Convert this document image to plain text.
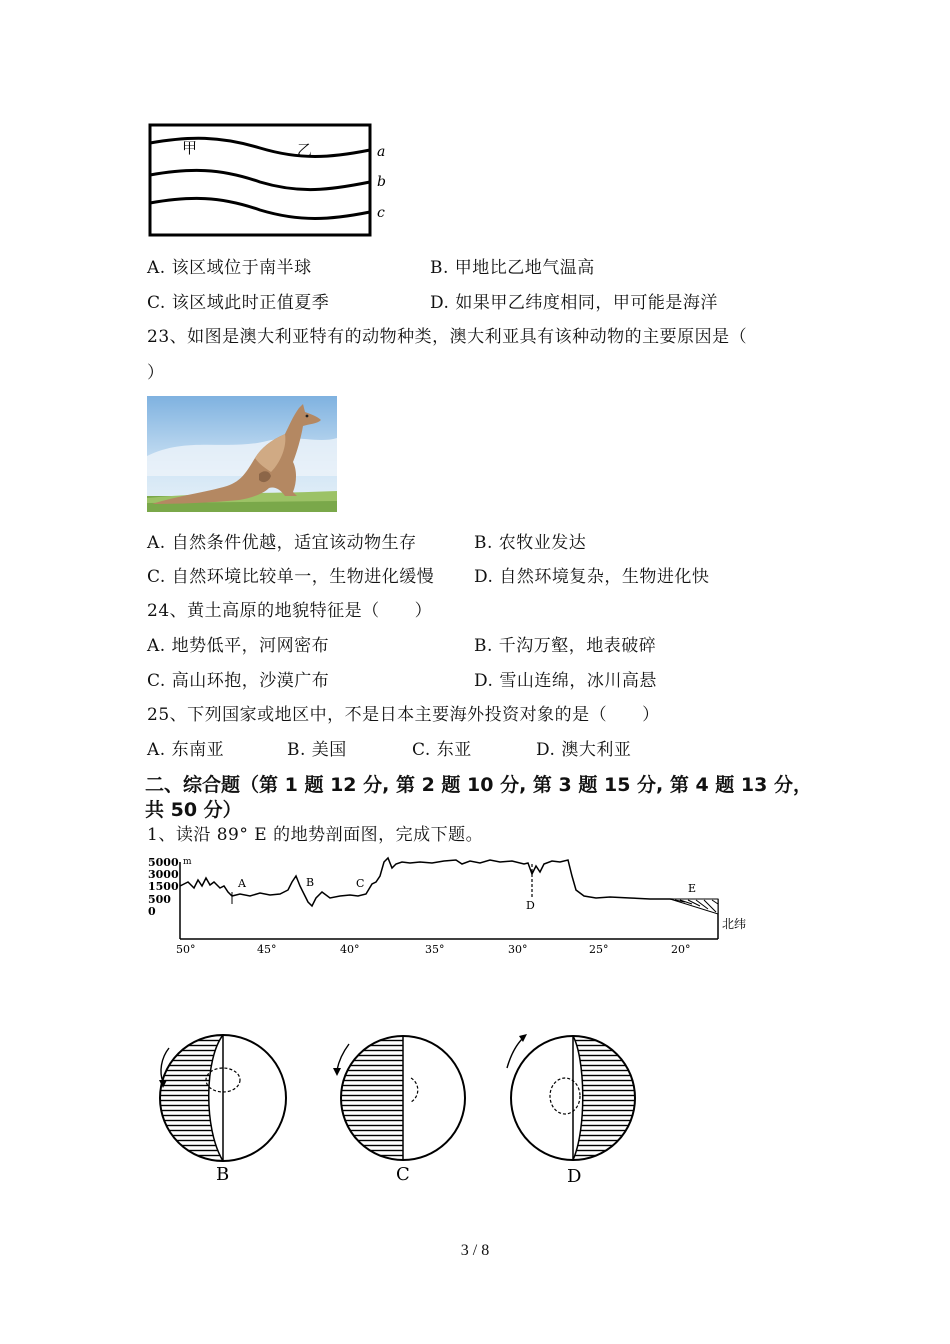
甲	乙	a
b
c
A. 该区域位于南半球	B. 甲地比乙地气温高
C. 该区域此时正值夏季	D. 如果甲乙纬度相同，甲可能是海洋
23、如图是澳大利亚特有的动物种类，澳大利亚具有该种动物的主要原因是（
）
A. 自然条件优越，适宜该动物生存	B. 农牧业发达
C. 自然环境比较单一，生物进化缓慢 D. 自然环境复杂，生物进化快
24、黄土高原的地貌特征是（　　）
A. 地势低平，河网密布	B. 千沟万壑，地表破碎
C. 高山环抱，沙漠广布	D. 雪山连绵，冰川高悬
25、下列国家或地区中，不是日本主要海外投资对象的是（　　）
A. 东南亚	B. 美国	C. 东亚	D. 澳大利亚
二、综合题（第 1 题 12 分, 第 2 题 10 分, 第 3 题 15 分, 第 4 题 13 分，
共 50 分）
1、读沿 89° E 的地势剖面图，完成下题。
5000 m
3000
1500
500
0
A	B	C
D
E
北纬
50°	45°	40°	35°	30°	25°	20°
B	C	D
3 / 8
